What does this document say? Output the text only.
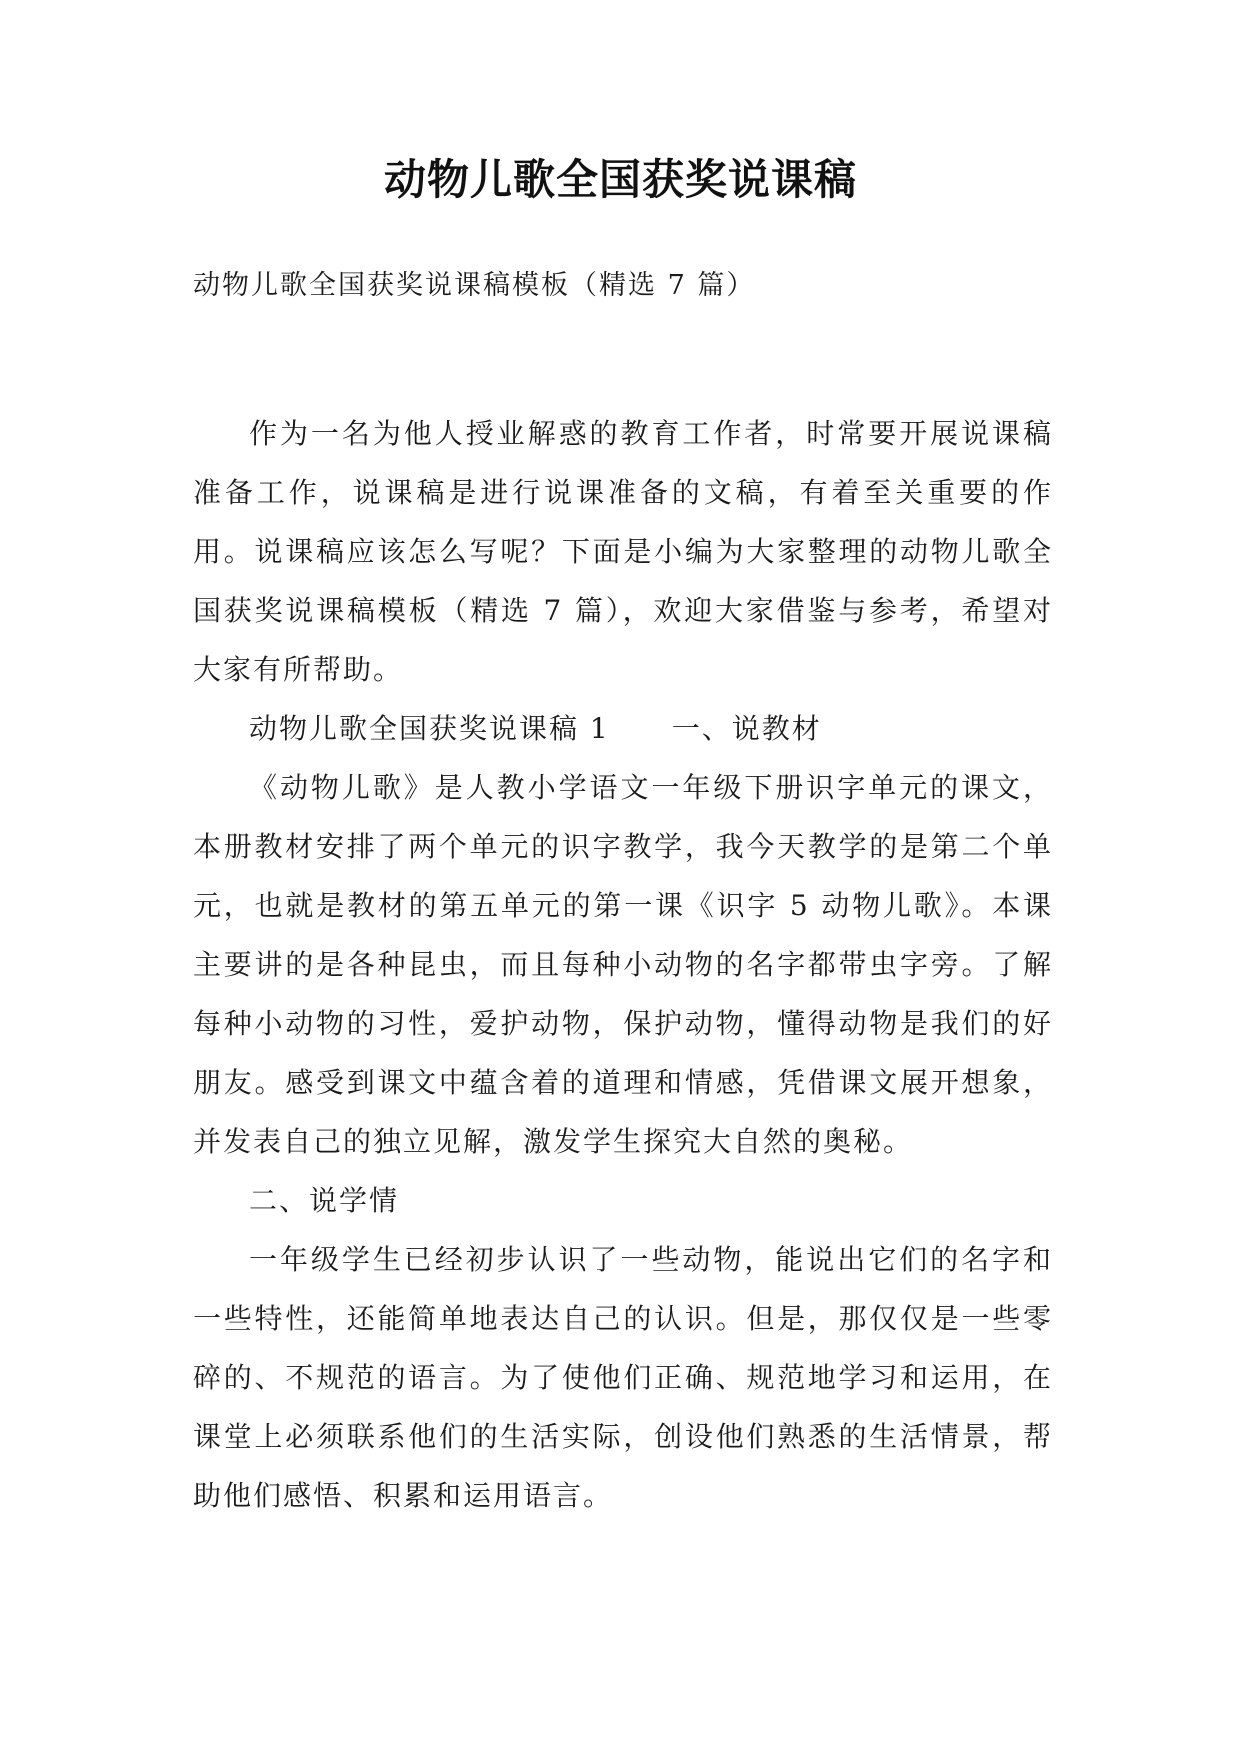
动物儿歌全国获奖说课稿

动物儿歌全国获奖说课稿模板（精选 7 篇）

作为一名为他人授业解惑的教育工作者，时常要开展说课稿准备工作，说课稿是进行说课准备的文稿，有着至关重要的作用。说课稿应该怎么写呢？下面是小编为大家整理的动物儿歌全国获奖说课稿模板（精选 7 篇），欢迎大家借鉴与参考，希望对大家有所帮助。

动物儿歌全国获奖说课稿 1 一、说教材

《动物儿歌》是人教小学语文一年级下册识字单元的课文，本册教材安排了两个单元的识字教学，我今天教学的是第二个单元，也就是教材的第五单元的第一课《识字 5 动物儿歌》。本课主要讲的是各种昆虫，而且每种小动物的名字都带虫字旁。了解每种小动物的习性，爱护动物，保护动物，懂得动物是我们的好朋友。感受到课文中蕴含着的道理和情感，凭借课文展开想象，并发表自己的独立见解，激发学生探究大自然的奥秘。

二、说学情

一年级学生已经初步认识了一些动物，能说出它们的名字和一些特性，还能简单地表达自己的认识。但是，那仅仅是一些零碎的、不规范的语言。为了使他们正确、规范地学习和运用，在课堂上必须联系他们的生活实际，创设他们熟悉的生活情景，帮助他们感悟、积累和运用语言。
